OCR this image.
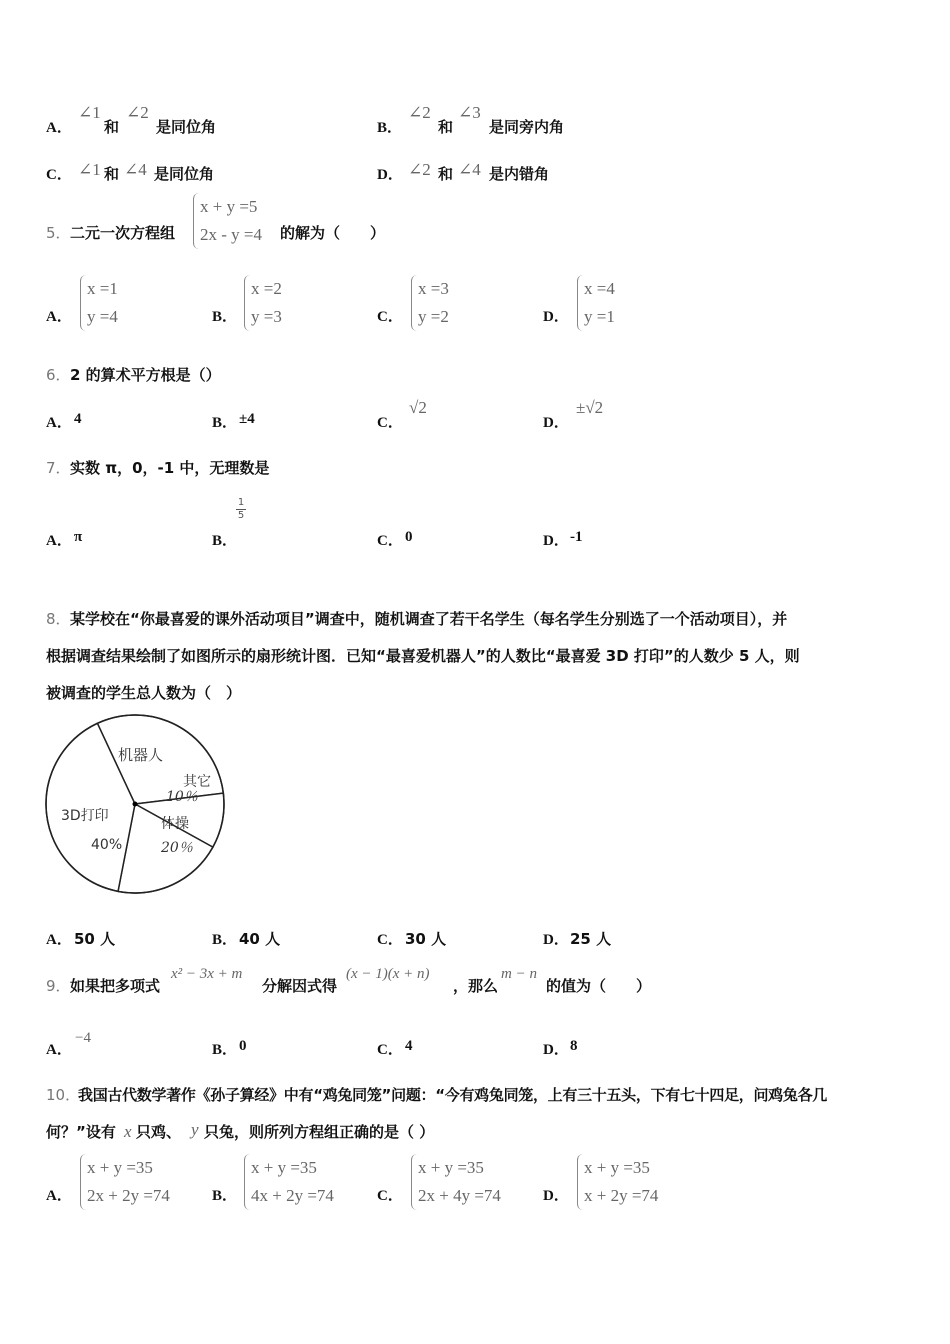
A．
∠1
和
∠2
是同位角	B．
∠2
和
∠3
是同旁内角
C． ∠1 和 ∠4 是同位角	D． ∠2 和 ∠4 是内错角
5． 二元一次方程组
x + y =5
2x - y =4 的解为（　　）
A．
x =1
y =4	B．
x =2
y =3	C．
x =3
y =2	D．
x =4
y =1
6． 2 的算术平方根是（）
A． 4	B． ±4	C．
√2
D．
±√2
7． 实数 π，0，-1 中，无理数是
A． π	B．
1
5
C． 0	D． -1
8． 某学校在“你最喜爱的课外活动项目”调查中，随机调查了若干名学生（每名学生分别选了一个活动项目），并
根据调查结果绘制了如图所示的扇形统计图．已知“最喜爱机器人”的人数比“最喜爱 3D 打印”的人数少 5 人，则
被调查的学生总人数为（　）
机器人
其它
10％
体操
20％
3D打印
40%
A． 50 人	B． 40 人	C． 30 人	D． 25 人
9． 如果把多项式
x² − 3x + m
分解因式得
(x − 1)(x + n)
，那么
m − n
的值为（　　）
A．
−4
B． 0	C． 4	D． 8
10．
我国古代数学著作《孙子算经》中有“鸡兔同笼”问题：“今有鸡兔同笼，上有三十五头，下有七十四足，问鸡兔各几
何？”设有 x 只鸡、 y 只兔，则所列方程组正确的是（ ）
A．
x + y =35
2x + 2y =74	B．
x + y =35
4x + 2y =74	C．
x + y =35
2x + 4y =74	D．
x + y =35
x + 2y =74
